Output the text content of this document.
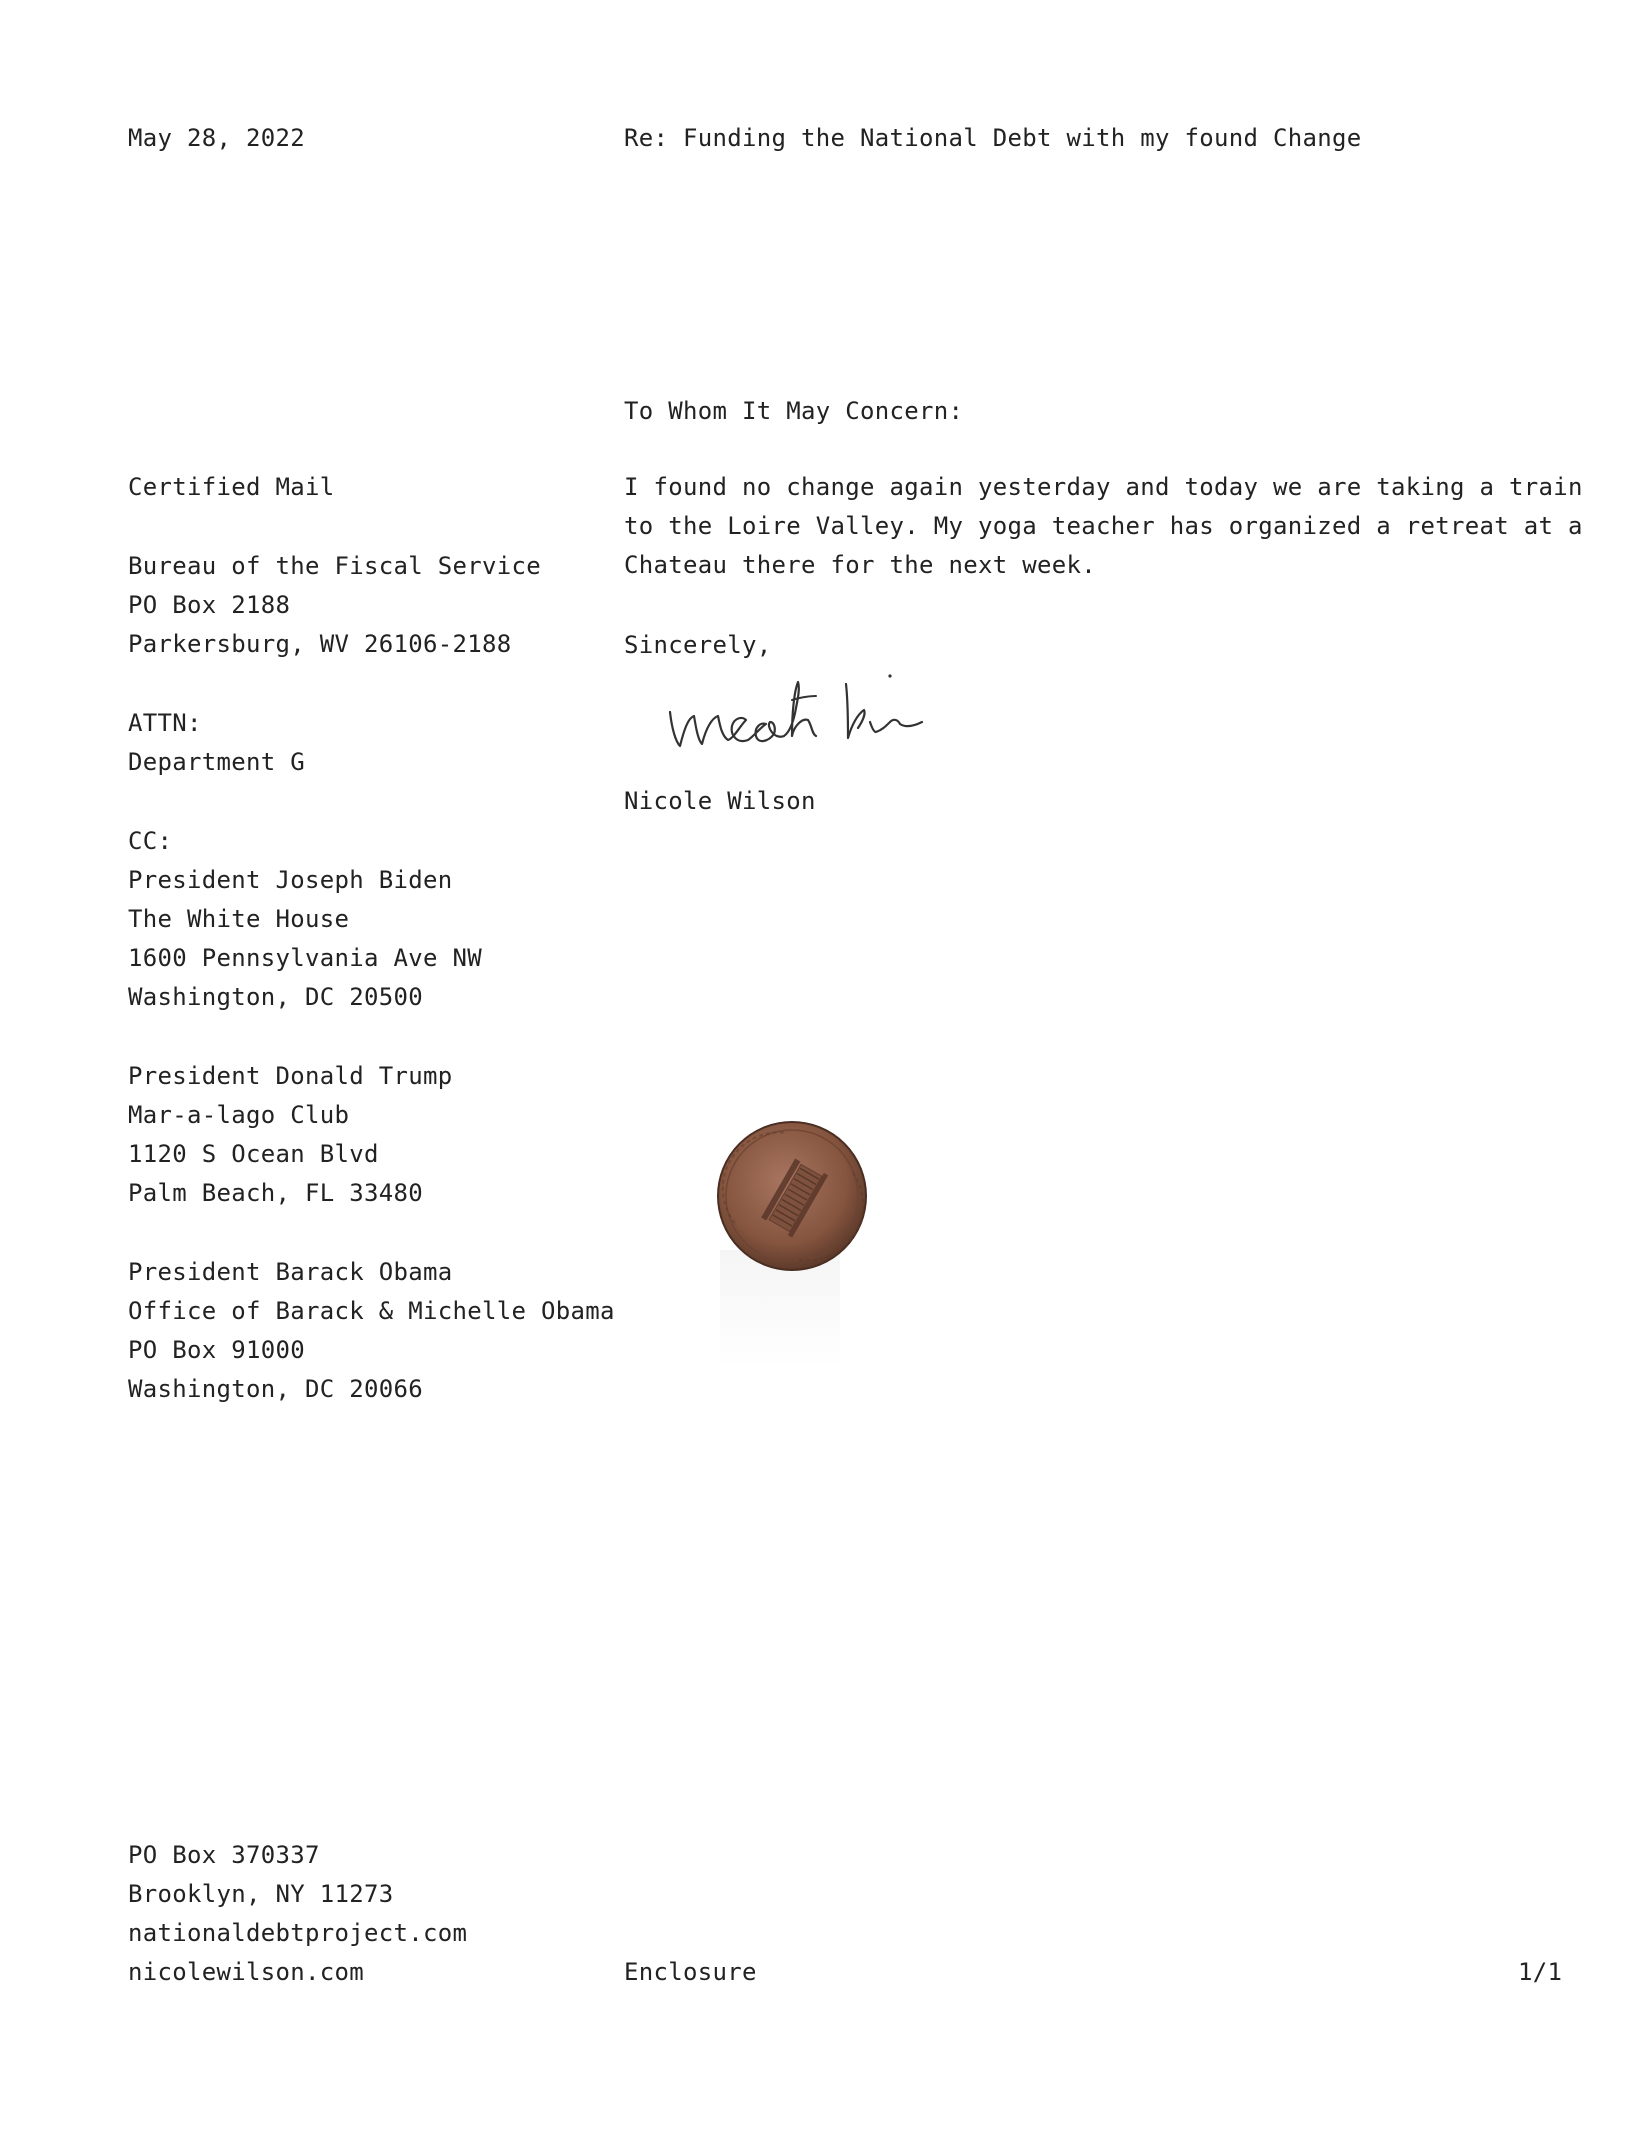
May 28, 2022	Re: Funding the National Debt with my found Change
To Whom It May Concern:
Certified Mail
Bureau of the Fiscal Service
PO Box 2188
Parkersburg, WV 26106-2188
ATTN:
Department G
CC:
President Joseph Biden
The White House
1600 Pennsylvania Ave NW
Washington, DC 20500
President Donald Trump
Mar-a-lago Club
1120 S Ocean Blvd
Palm Beach, FL 33480
President Barack Obama
Office of Barack & Michelle Obama
PO Box 91000
Washington, DC 20066
I found no change again yesterday and today we are taking a train
to the Loire Valley. My yoga teacher has organized a retreat at a
Chateau there for the next week.
Sincerely,
Nicole Wilson
PO Box 370337
Brooklyn, NY 11273
nationaldebtproject.com
nicolewilson.com	Enclosure	1/1
